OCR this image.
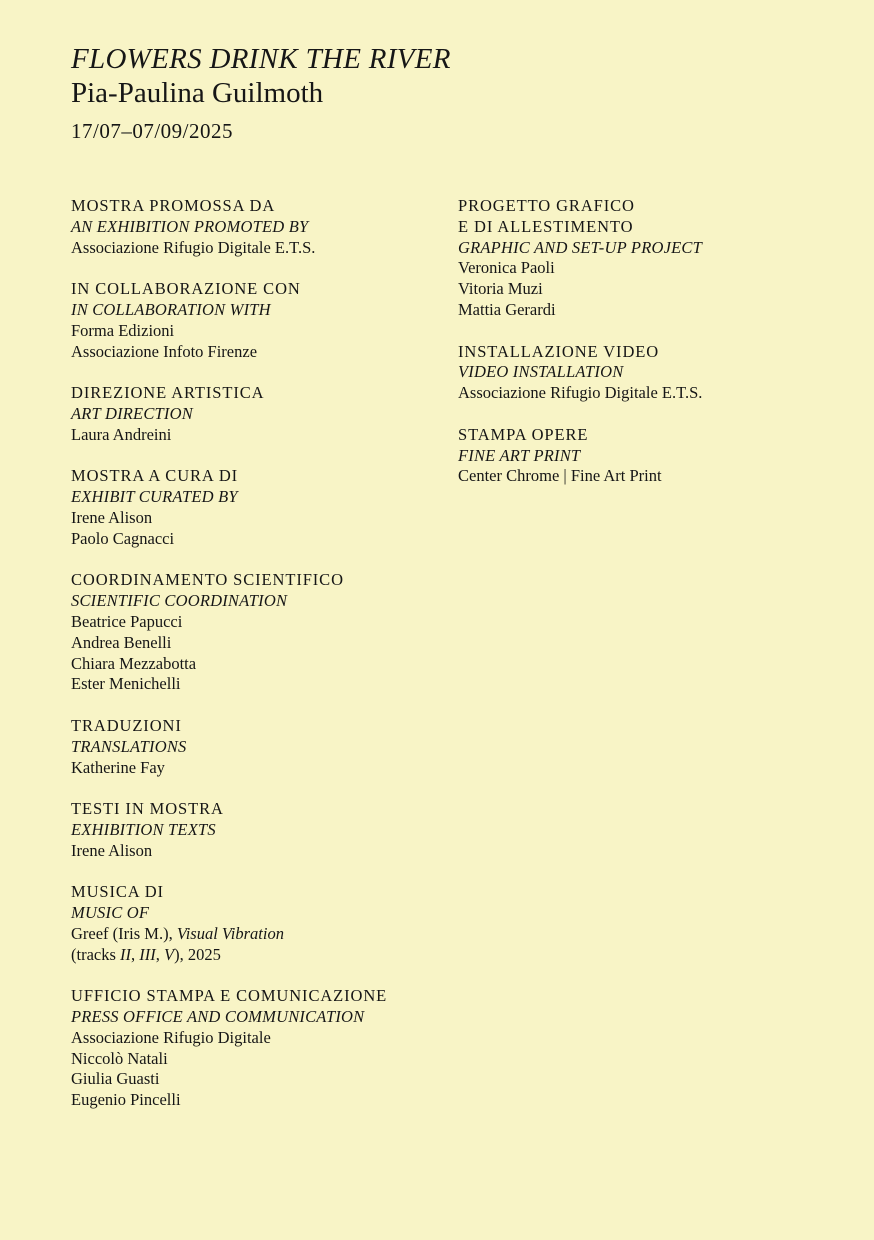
FLOWERS DRINK THE RIVER
Pia-Paulina Guilmoth
17/07–07/09/2025
MOSTRA PROMOSSA DA
AN EXHIBITION PROMOTED BY
Associazione Rifugio Digitale E.T.S.
IN COLLABORAZIONE CON
IN COLLABORATION WITH
Forma Edizioni
Associazione Infoto Firenze
DIREZIONE ARTISTICA
ART DIRECTION
Laura Andreini
MOSTRA A CURA DI
EXHIBIT CURATED BY
Irene Alison
Paolo Cagnacci
COORDINAMENTO SCIENTIFICO
SCIENTIFIC COORDINATION
Beatrice Papucci
Andrea Benelli
Chiara Mezzabotta
Ester Menichelli
TRADUZIONI
TRANSLATIONS
Katherine Fay
TESTI IN MOSTRA
EXHIBITION TEXTS
Irene Alison
MUSICA DI
MUSIC OF
Greef (Iris M.), Visual Vibration
(tracks II, III, V), 2025
UFFICIO STAMPA E COMUNICAZIONE
PRESS OFFICE AND COMMUNICATION
Associazione Rifugio Digitale
Niccolò Natali
Giulia Guasti
Eugenio Pincelli
PROGETTO GRAFICO
E DI ALLESTIMENTO
GRAPHIC AND SET-UP PROJECT
Veronica Paoli
Vitoria Muzi
Mattia Gerardi
INSTALLAZIONE VIDEO
VIDEO INSTALLATION
Associazione Rifugio Digitale E.T.S.
STAMPA OPERE
FINE ART PRINT
Center Chrome | Fine Art Print
